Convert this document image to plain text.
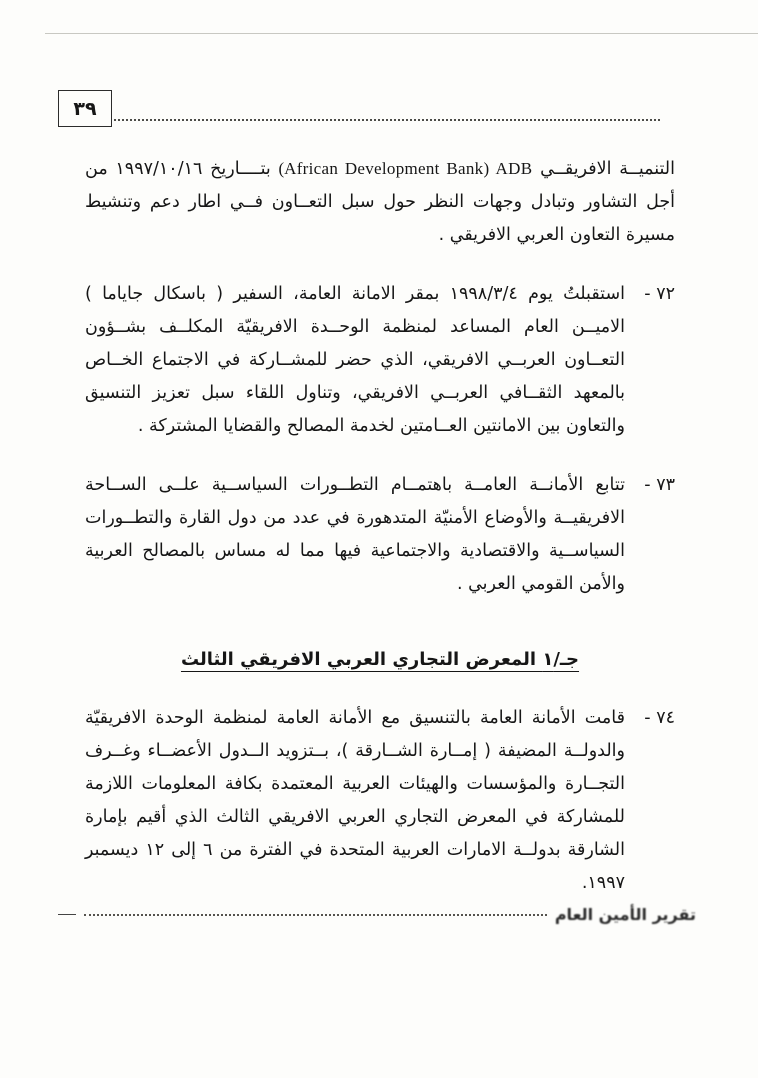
٣٩

التنميــة الافريقــي (African Development Bank) ADB بتــــاريخ ١٩٩٧/١٠/١٦ من أجل التشاور وتبادل وجهات النظر حول سبل التعــاون فــي اطار دعم وتنشيط مسيرة التعاون العربي الافريقي .

٧٢ -

استقبلتُ يوم ١٩٩٨/٣/٤ بمقر الامانة العامة، السفير ( باسكال جاياما ) الاميــن العام المساعد لمنظمة الوحــدة الافريقيّة المكلــف بشــؤون التعــاون العربــي الافريقي، الذي حضر للمشــاركة في الاجتماع الخــاص بالمعهد الثقــافي العربــي الافريقي، وتناول اللقاء سبل تعزيز التنسيق والتعاون بين الامانتين العــامتين لخدمة المصالح والقضايا المشتركة .

٧٣ -

تتابع الأمانــة العامــة باهتمــام التطــورات السياســية علــى الســاحة الافريقيــة والأوضاع الأمنيّة المتدهورة في عدد من دول القارة والتطــورات السياســية والاقتصادية والاجتماعية فيها مما له مساس بالمصالح العربية والأمن القومي العربي .

جـ/١ المعرض التجاري العربي الافريقي الثالث
٧٤ -

قامت الأمانة العامة بالتنسيق مع الأمانة العامة لمنظمة الوحدة الافريقيّة والدولــة المضيفة ( إمــارة الشــارقة )، بــتزويد الــدول الأعضــاء وغــرف التجــارة والمؤسسات والهيئات العربية المعتمدة بكافة المعلومات اللازمة للمشاركة في المعرض التجاري العربي الافريقي الثالث الذي أقيم بإمارة الشارقة بدولــة الامارات العربية المتحدة في الفترة من ٦ إلى ١٢ ديسمبر ١٩٩٧.

تقرير الأمين العام
